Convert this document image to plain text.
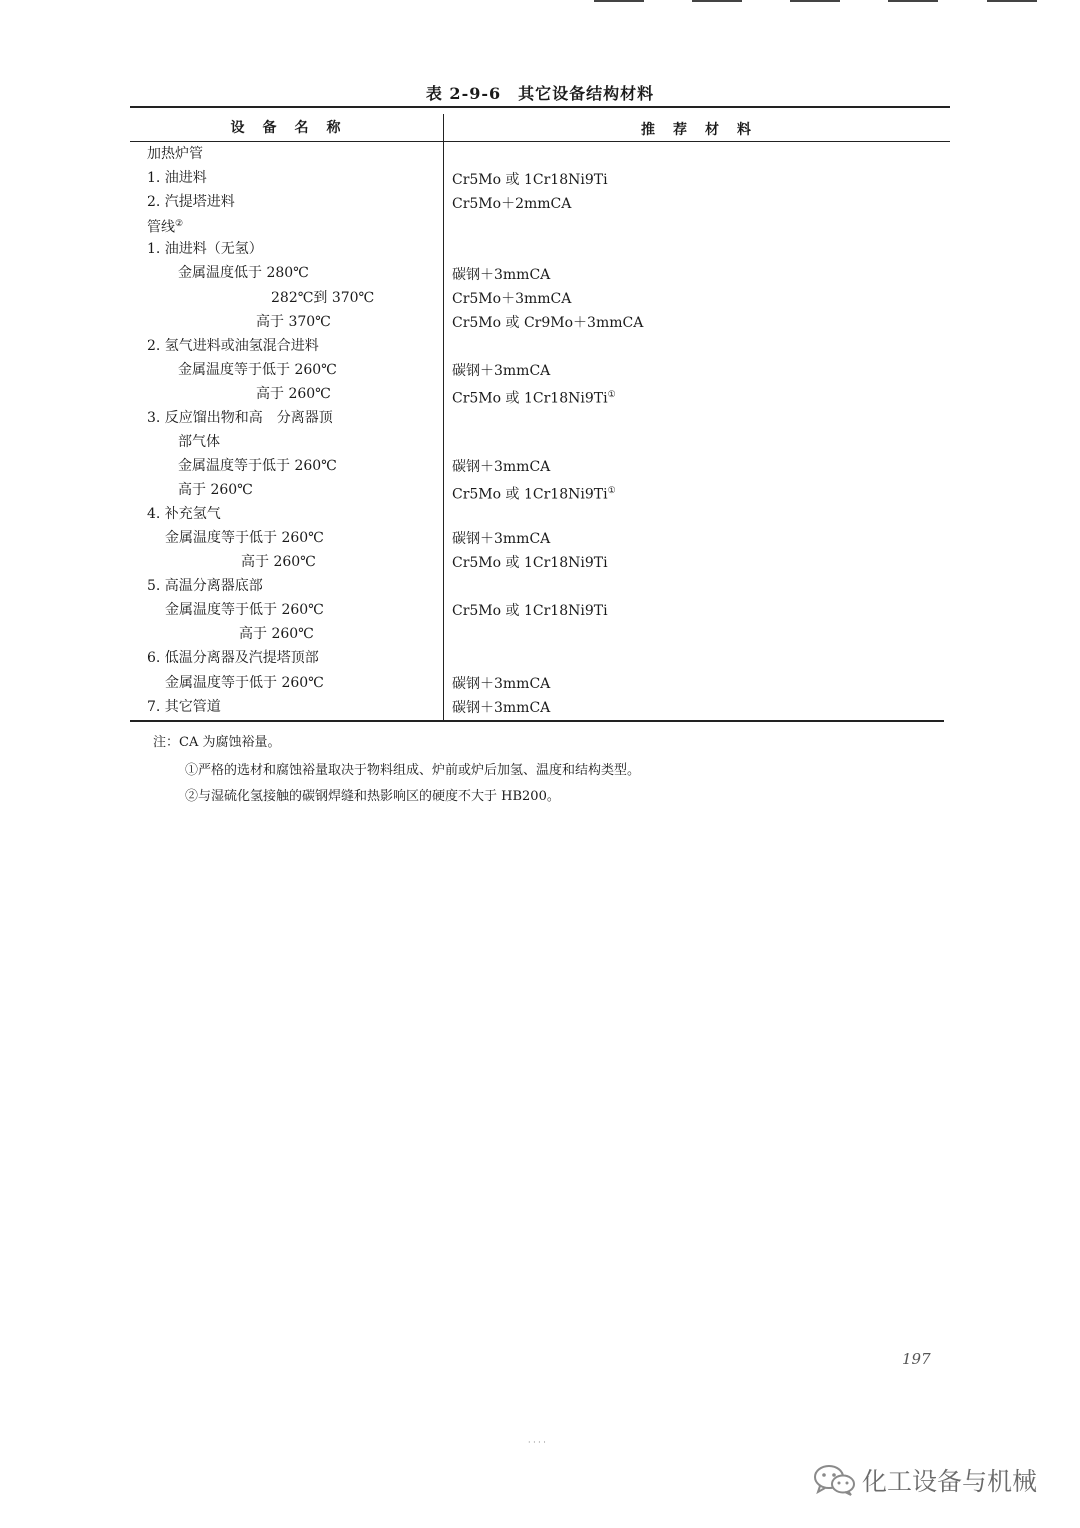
表 2-9-6　其它设备结构材料
设　备　名　称	推　荐　材　料
加热炉管
1. 油进料	Cr5Mo 或 1Cr18Ni9Ti
2. 汽提塔进料	Cr5Mo＋2mmCA
管线②
1. 油进料（无氢）
金属温度低于 280℃	碳钢＋3mmCA
282℃到 370℃	Cr5Mo＋3mmCA
高于 370℃	Cr5Mo 或 Cr9Mo＋3mmCA
2. 氢气进料或油氢混合进料
金属温度等于低于 260℃	碳钢＋3mmCA
高于 260℃	Cr5Mo 或 1Cr18Ni9Ti①
3. 反应馏出物和高　分离器顶
部气体
金属温度等于低于 260℃	碳钢＋3mmCA
高于 260℃	Cr5Mo 或 1Cr18Ni9Ti①
4. 补充氢气
金属温度等于低于 260℃	碳钢＋3mmCA
高于 260℃	Cr5Mo 或 1Cr18Ni9Ti
5. 高温分离器底部
金属温度等于低于 260℃	Cr5Mo 或 1Cr18Ni9Ti
高于 260℃
6. 低温分离器及汽提塔顶部
金属温度等于低于 260℃	碳钢＋3mmCA
7. 其它管道	碳钢＋3mmCA
注：CA 为腐蚀裕量。
①严格的选材和腐蚀裕量取决于物料组成、炉前或炉后加氢、温度和结构类型。
②与湿硫化氢接触的碳钢焊缝和热影响区的硬度不大于 HB200。
197
· · · ·
化工设备与机械
